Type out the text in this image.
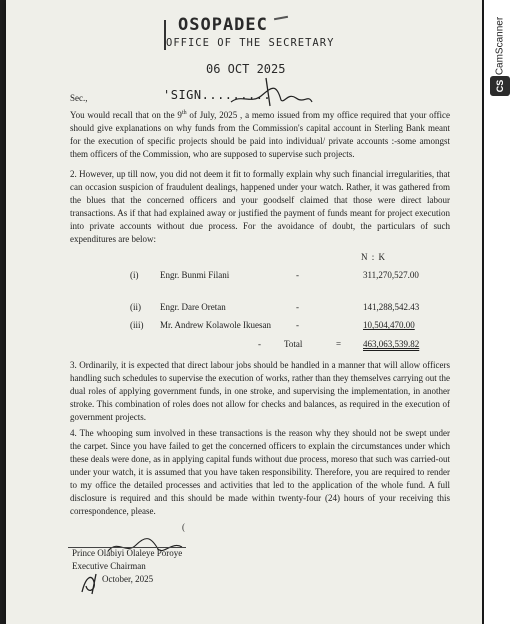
OSOPADEC
OFFICE OF THE SECRETARY
06 OCT 2025
Sec.,	'SIGN.........
You would recall that on the 9th of July, 2025 , a memo issued from my office required that your office should give explanations on why funds from the Commission's capital account in Sterling Bank meant for the execution of specific projects should be paid into individual/ private accounts :-some amongst them officers of the Commission, who are supposed to supervise such projects.
2. However, up till now, you did not deem it fit to formally explain why such financial irregularities, that can occasion suspicion of fraudulent dealings, happened under your watch. Rather, it was gathered from the blues that the concerned officers and your goodself claimed that those were direct labour transactions. As if that had explained away or justified the payment of funds meant for project execution into private accounts without due process. For the avoidance of doubt, the particulars of such expenditures are below:
N : K
(i) Engr. Bunmi Filani	-	311,270,527.00
(ii) Engr. Dare Oretan	-	141,288,542.43
(iii) Mr. Andrew Kolawole Ikuesan	-	10,504,470.00
-	Total	= 463,063,539.82
3. Ordinarily, it is expected that direct labour jobs should be handled in a manner that will allow officers handling such schedules to supervise the execution of works, rather than they themselves carrying out the dual roles of applying government funds, in one stroke, and supervising the implementation, in another stroke. This combination of roles does not allow for checks and balances, as required in the execution of government projects.
4. The whooping sum involved in these transactions is the reason why they should not be swept under the carpet. Since you have failed to get the concerned officers to explain the circumstances under which these deals were done, as in applying capital funds without due process, moreso that such was carried-out under your watch, it is assumed that you have taken responsibility. Therefore, you are required to render to my office the detailed processes and activities that led to the application of the whole fund. A full disclosure is required and this should be made within twenty-four (24) hours of your receiving this correspondence, please.
(
Prince Olabiyi Olaleye Poroye
Executive Chairman
October, 2025
CamScanner
CS
